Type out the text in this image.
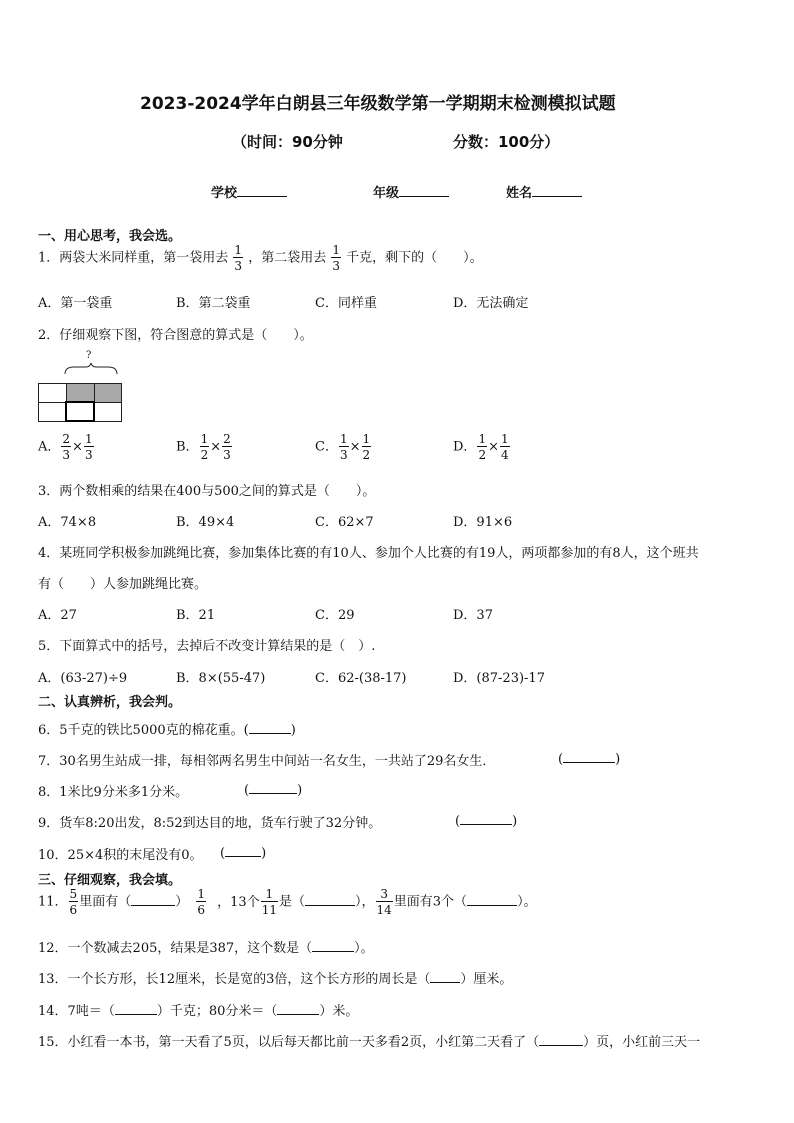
2023-2024学年白朗县三年级数学第一学期期末检测模拟试题
（时间：90分钟	分数：100分）
学校	年级	姓名
一、用心思考，我会选。
1．两袋大米同样重，第一袋用去 $\frac{1}{3}$ ，第二袋用去 $\frac{1}{3}$ 千克，剩下的（　　）。
A．第一袋重	B．第二袋重	C．同样重	D．无法确定
2．仔细观察下图，符合图意的算式是（　　）。
?

A． $\frac{2}{3} \times \frac{1}{3}$	B． $\frac{1}{2} \times \frac{2}{3}$	C． $\frac{1}{3} \times \frac{1}{2}$	D． $\frac{1}{2} \times \frac{1}{4}$
3．两个数相乘的结果在400与500之间的算式是（　　）。
A．74×8	B．49×4	C．62×7	D．91×6
4．某班同学积极参加跳绳比赛，参加集体比赛的有10人、参加个人比赛的有19人，两项都参加的有8人，这个班共
有（　　）人参加跳绳比赛。
A．27	B．21	C．29	D．37
5．下面算式中的括号，去掉后不改变计算结果的是（　）.
A．(63-27)÷9	B．8×(55-47)	C．62-(38-17)	D．(87-23)-17
二、认真辨析，我会判。
6．5千克的铁比5000克的棉花重。(	)
7．30名男生站成一排，每相邻两名男生中间站一名女生，一共站了29名女生．	(	)
8．1米比9分米多1分米。	(	)
9．货车8:20出发，8:52到达目的地，货车行驶了32分钟。	(	)
10．25×4积的末尾没有0。 (	)
三、仔细观察，我会填。
11． $\frac{5}{6}$ 里面有（	） $\frac{1}{6}$ ，13个 $\frac{1}{11}$ 是（	）， $\frac{3}{14}$ 里面有3个（	）。
12．一个数减去205，结果是387，这个数是（	）。
13．一个长方形，长12厘米，长是宽的3倍，这个长方形的周长是（ ）厘米。
14．7吨＝（	）千克；80分米＝（	）米。
15．小红看一本书，第一天看了5页，以后每天都比前一天多看2页，小红第二天看了（	）页，小红前三天一
